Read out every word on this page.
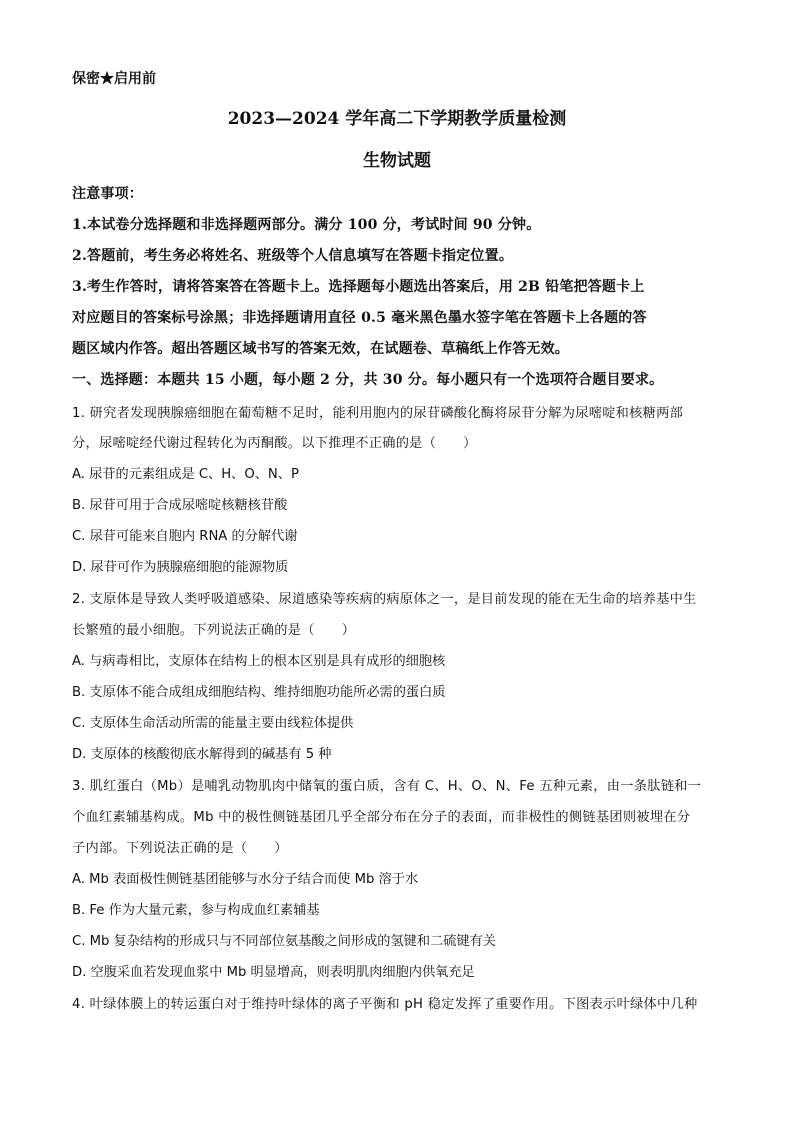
保密★启用前
2023—2024 学年高二下学期教学质量检测
生物试题
注意事项：
1.本试卷分选择题和非选择题两部分。满分 100 分，考试时间 90 分钟。
2.答题前，考生务必将姓名、班级等个人信息填写在答题卡指定位置。
3.考生作答时，请将答案答在答题卡上。选择题每小题选出答案后，用 2B 铅笔把答题卡上
对应题目的答案标号涂黑；非选择题请用直径 0.5 毫米黑色墨水签字笔在答题卡上各题的答
题区域内作答。超出答题区域书写的答案无效，在试题卷、草稿纸上作答无效。
一、选择题：本题共 15 小题，每小题 2 分，共 30 分。每小题只有一个选项符合题目要求。
1. 研究者发现胰腺癌细胞在葡萄糖不足时，能利用胞内的尿苷磷酸化酶将尿苷分解为尿嘧啶和核糖两部
分，尿嘧啶经代谢过程转化为丙酮酸。以下推理不正确的是（　　）
A. 尿苷的元素组成是 C、H、O、N、P
B. 尿苷可用于合成尿嘧啶核糖核苷酸
C. 尿苷可能来自胞内 RNA 的分解代谢
D. 尿苷可作为胰腺癌细胞的能源物质
2. 支原体是导致人类呼吸道感染、尿道感染等疾病的病原体之一，是目前发现的能在无生命的培养基中生
长繁殖的最小细胞。下列说法正确的是（　　）
A. 与病毒相比，支原体在结构上的根本区别是具有成形的细胞核
B. 支原体不能合成组成细胞结构、维持细胞功能所必需的蛋白质
C. 支原体生命活动所需的能量主要由线粒体提供
D. 支原体的核酸彻底水解得到的碱基有 5 种
3. 肌红蛋白（Mb）是哺乳动物肌肉中储氧的蛋白质，含有 C、H、O、N、Fe 五种元素，由一条肽链和一
个血红素辅基构成。Mb 中的极性侧链基团几乎全部分布在分子的表面，而非极性的侧链基团则被埋在分
子内部。下列说法正确的是（　　）
A. Mb 表面极性侧链基团能够与水分子结合而使 Mb 溶于水
B. Fe 作为大量元素，参与构成血红素辅基
C. Mb 复杂结构的形成只与不同部位氨基酸之间形成的氢键和二硫键有关
D. 空腹采血若发现血浆中 Mb 明显增高，则表明肌肉细胞内供氧充足
4. 叶绿体膜上的转运蛋白对于维持叶绿体的离子平衡和 pH 稳定发挥了重要作用。下图表示叶绿体中几种
